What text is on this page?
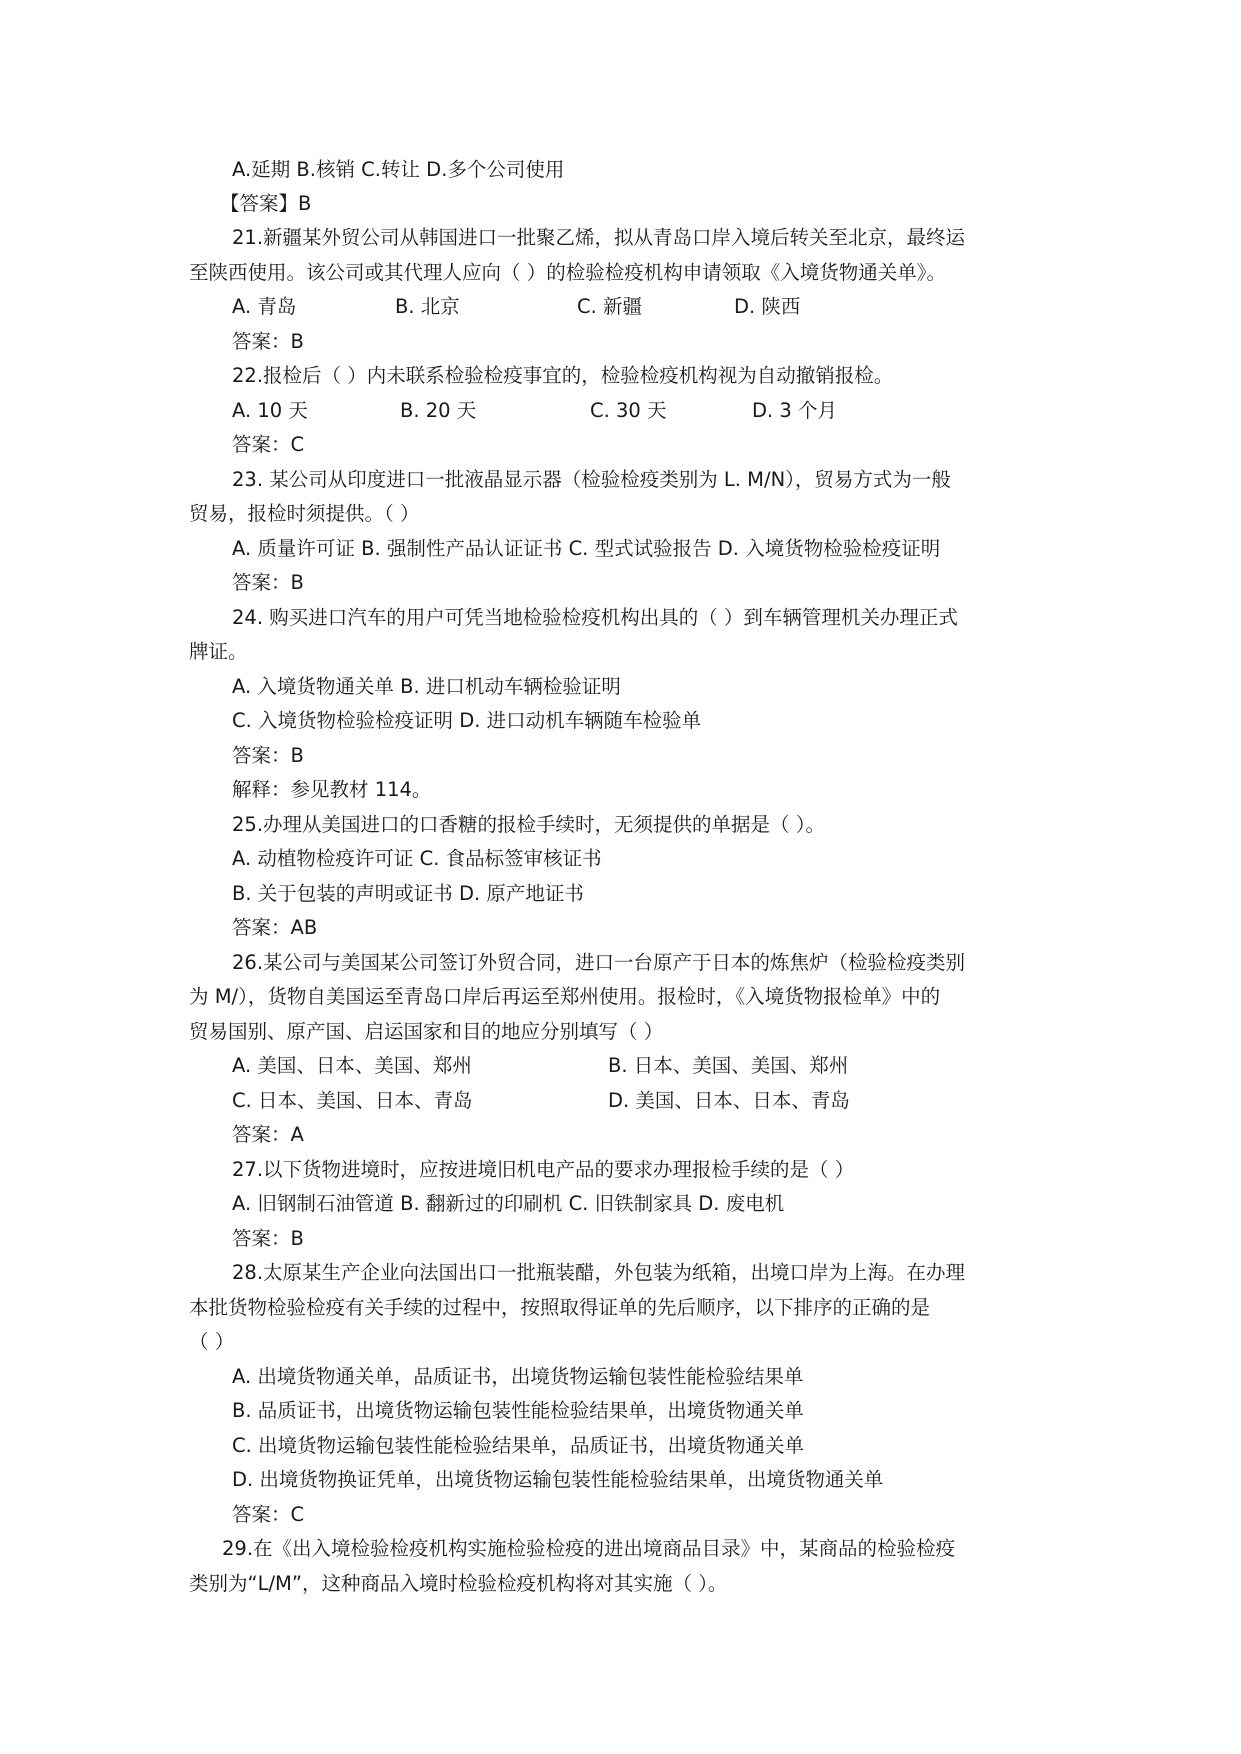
A.延期 B.核销 C.转让 D.多个公司使用
【答案】B
21.新疆某外贸公司从韩国进口一批聚乙烯，拟从青岛口岸入境后转关至北京，最终运
至陕西使用。该公司或其代理人应向（ ）的检验检疫机构申请领取《入境货物通关单》。
A. 青岛	B. 北京	C. 新疆	D. 陕西
答案：B
22.报检后（ ）内未联系检验检疫事宜的，检验检疫机构视为自动撤销报检。
A. 10 天	B. 20 天	C. 30 天	D. 3 个月
答案：C
23. 某公司从印度进口一批液晶显示器（检验检疫类别为 L. M/N），贸易方式为一般
贸易，报检时须提供。（ ）
A. 质量许可证 B. 强制性产品认证证书 C. 型式试验报告 D. 入境货物检验检疫证明
答案：B
24. 购买进口汽车的用户可凭当地检验检疫机构出具的（ ）到车辆管理机关办理正式
牌证。
A. 入境货物通关单 B. 进口机动车辆检验证明
C. 入境货物检验检疫证明 D. 进口动机车辆随车检验单
答案：B
解释：参见教材 114。
25.办理从美国进口的口香糖的报检手续时，无须提供的单据是（ ）。
A. 动植物检疫许可证 C. 食品标签审核证书
B. 关于包装的声明或证书 D. 原产地证书
答案：AB
26.某公司与美国某公司签订外贸合同，进口一台原产于日本的炼焦炉（检验检疫类别
为 M/），货物自美国运至青岛口岸后再运至郑州使用。报检时，《入境货物报检单》中的
贸易国别、原产国、启运国家和目的地应分别填写（ ）
A. 美国、日本、美国、郑州	B. 日本、美国、美国、郑州
C. 日本、美国、日本、青岛	D. 美国、日本、日本、青岛
答案：A
27.以下货物进境时，应按进境旧机电产品的要求办理报检手续的是（ ）
A. 旧钢制石油管道 B. 翻新过的印刷机 C. 旧铁制家具 D. 废电机
答案：B
28.太原某生产企业向法国出口一批瓶装醋，外包装为纸箱，出境口岸为上海。在办理
本批货物检验检疫有关手续的过程中，按照取得证单的先后顺序，以下排序的正确的是
（ ）
A. 出境货物通关单，品质证书，出境货物运输包装性能检验结果单
B. 品质证书，出境货物运输包装性能检验结果单，出境货物通关单
C. 出境货物运输包装性能检验结果单，品质证书，出境货物通关单
D. 出境货物换证凭单，出境货物运输包装性能检验结果单，出境货物通关单
答案：C
29.在《出入境检验检疫机构实施检验检疫的进出境商品目录》中，某商品的检验检疫
类别为“L/M”，这种商品入境时检验检疫机构将对其实施（ ）。
